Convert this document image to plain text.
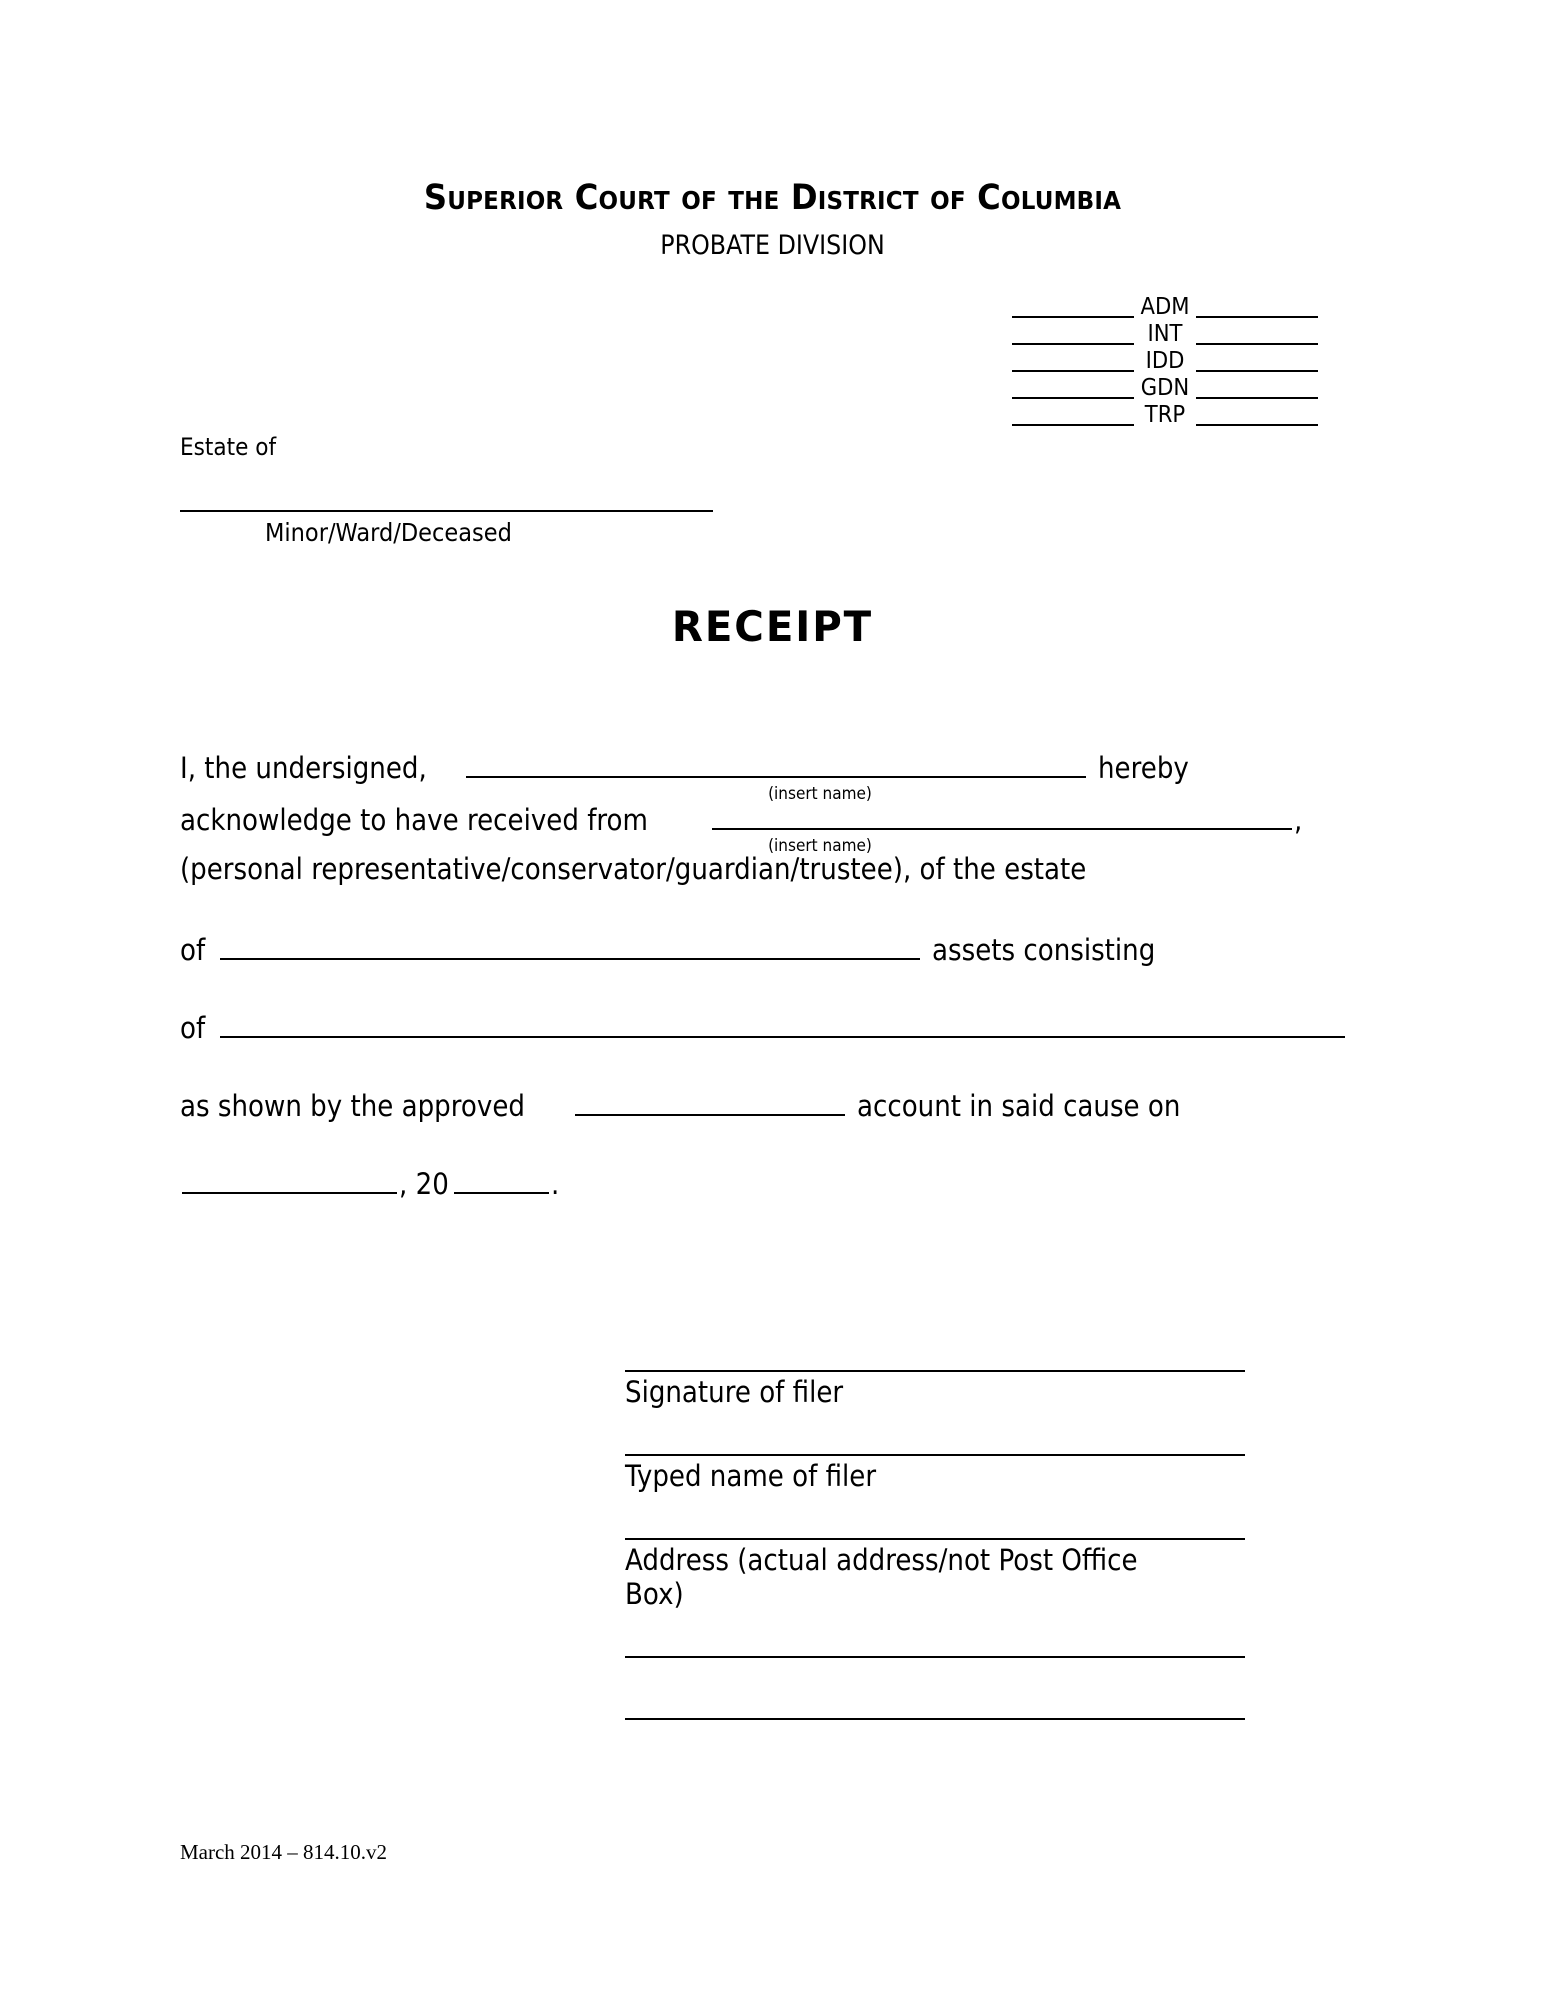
Superior Court of the District of Columbia
PROBATE DIVISION
ADM
INT
IDD
GDN
TRP
Estate of
Minor/Ward/Deceased
RECEIPT
I, the undersigned,	hereby
(insert name)
acknowledge to have received from	,
(insert name)
(personal representative/conservator/guardian/trustee), of the estate
of	assets consisting
of
as shown by the approved	account in said cause on
, 20	.
Signature of filer
Typed name of filer
Address (actual address/not Post Office Box)
March 2014 – 814.10.v2
